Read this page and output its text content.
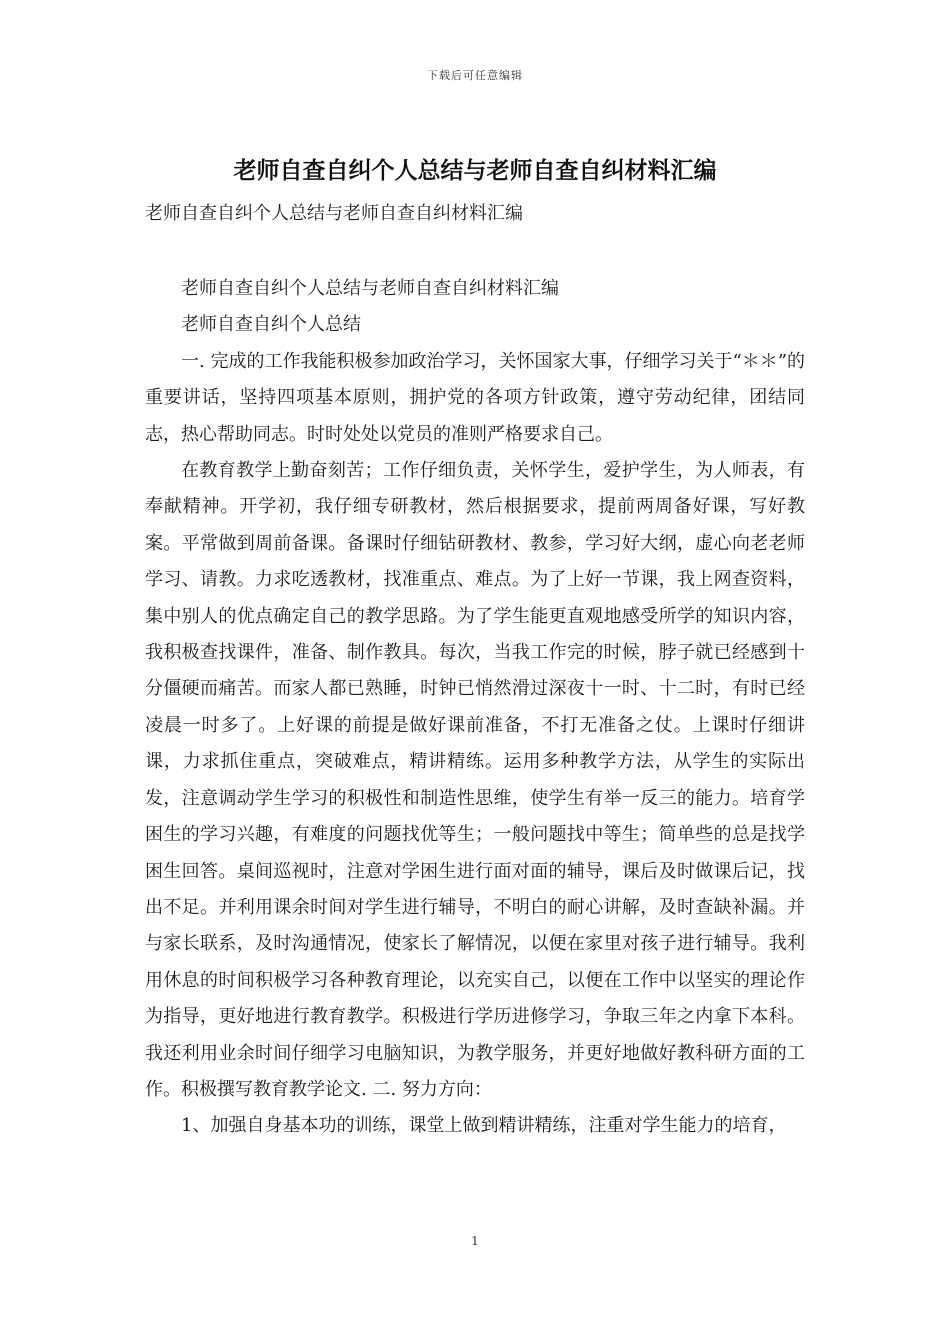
下载后可任意编辑
老师自查自纠个人总结与老师自查自纠材料汇编
老师自查自纠个人总结与老师自查自纠材料汇编

老师自查自纠个人总结与老师自查自纠材料汇编

老师自查自纠个人总结

一. 完成的工作我能积极参加政治学习，关怀国家大事，仔细学习关于“＊＊”的重要讲话，坚持四项基本原则，拥护党的各项方针政策，遵守劳动纪律，团结同志，热心帮助同志。时时处处以党员的准则严格要求自己。

在教育教学上勤奋刻苦；工作仔细负责，关怀学生，爱护学生，为人师表，有奉献精神。开学初，我仔细专研教材，然后根据要求，提前两周备好课，写好教案。平常做到周前备课。备课时仔细钻研教材、教参，学习好大纲，虚心向老老师学习、请教。力求吃透教材，找准重点、难点。为了上好一节课，我上网查资料，集中别人的优点确定自己的教学思路。为了学生能更直观地感受所学的知识内容，我积极查找课件，准备、制作教具。每次，当我工作完的时候，脖子就已经感到十分僵硬而痛苦。而家人都已熟睡，时钟已悄然滑过深夜十一时、十二时，有时已经凌晨一时多了。上好课的前提是做好课前准备，不打无准备之仗。上课时仔细讲课，力求抓住重点，突破难点，精讲精练。运用多种教学方法，从学生的实际出发，注意调动学生学习的积极性和制造性思维，使学生有举一反三的能力。培育学困生的学习兴趣，有难度的问题找优等生；一般问题找中等生；简单些的总是找学困生回答。桌间巡视时，注意对学困生进行面对面的辅导，课后及时做课后记，找出不足。并利用课余时间对学生进行辅导，不明白的耐心讲解，及时查缺补漏。并与家长联系，及时沟通情况，使家长了解情况，以便在家里对孩子进行辅导。我利用休息的时间积极学习各种教育理论，以充实自己，以便在工作中以坚实的理论作为指导，更好地进行教育教学。积极进行学历进修学习，争取三年之内拿下本科。我还利用业余时间仔细学习电脑知识，为教学服务，并更好地做好教科研方面的工作。积极撰写教育教学论文. 二. 努力方向：

1、加强自身基本功的训练，课堂上做到精讲精练，注重对学生能力的培育，

1
